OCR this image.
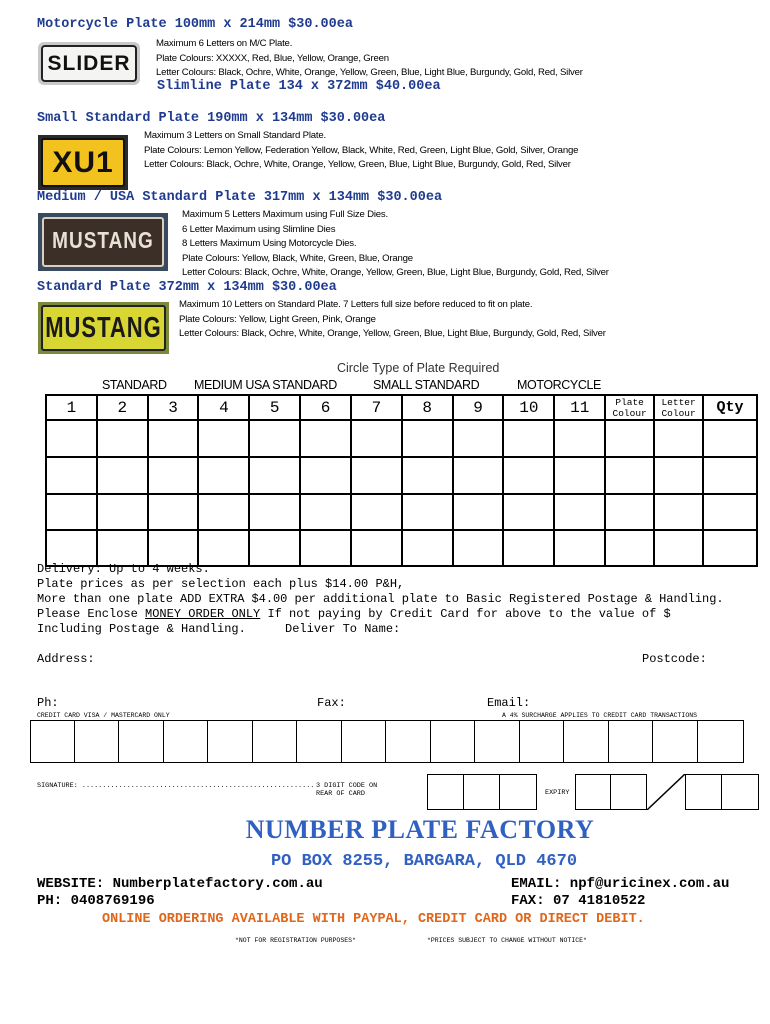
Motorcycle Plate 100mm x 214mm $30.00ea
SLIDER
Maximum 6 Letters on M/C Plate.
Plate Colours: XXXXX, Red, Blue, Yellow, Orange, Green
Letter Colours: Black, Ochre, White, Orange, Yellow, Green, Blue, Light Blue, Burgundy, Gold, Red, Silver
Slimline Plate 134 x 372mm $40.00ea
Small Standard Plate 190mm x 134mm $30.00ea
XU1
Maximum 3 Letters on Small Standard Plate.
Plate Colours: Lemon Yellow, Federation Yellow, Black, White, Red, Green, Light Blue, Gold, Silver, Orange
Letter Colours: Black, Ochre, White, Orange, Yellow, Green, Blue, Light Blue, Burgundy, Gold, Red, Silver
Medium / USA Standard Plate 317mm x 134mm $30.00ea
MUSTANG
Maximum 5 Letters Maximum using Full Size Dies.
6 Letter Maximum using Slimline Dies
8 Letters Maximum Using Motorcycle Dies.
Plate Colours: Yellow, Black, White, Green, Blue, Orange
Letter Colours: Black, Ochre, White, Orange, Yellow, Green, Blue, Light Blue, Burgundy, Gold, Red, Silver
Standard Plate 372mm x 134mm $30.00ea
MUSTANG
Maximum 10 Letters on Standard Plate. 7 Letters full size before reduced to fit on plate.
Plate Colours: Yellow, Light Green, Pink, Orange
Letter Colours: Black, Ochre, White, Orange, Yellow, Green, Blue, Light Blue, Burgundy, Gold, Red, Silver
Circle Type of Plate Required
STANDARD MEDIUM USA STANDARD	SMALL STANDARD	MOTORCYCLE
1	2	3	4	5	6	7	8	9	10	11	Plate Colour	Letter Colour	Qty

Delivery: Up to 4 weeks.
Plate prices as per selection each plus $14.00 P&H,
More than one plate ADD EXTRA $4.00 per additional plate to Basic Registered Postage & Handling.
Please Enclose MONEY ORDER ONLY If not paying by Credit Card for above to the value of $
Including Postage & Handling.	Deliver To Name:
Address:	Postcode:
Ph:	Fax:	Email:
CREDIT CARD VISA / MASTERCARD ONLY	A 4% SURCHARGE APPLIES TO CREDIT CARD TRANSACTIONS
SIGNATURE: ......................................................... 3 DIGIT CODE ON
REAR OF CARD	EXPIRY
NUMBER PLATE FACTORY
PO BOX 8255, BARGARA, QLD 4670
WEBSITE: Numberplatefactory.com.au	EMAIL: npf@uricinex.com.au
PH: 0408769196	FAX: 07 41810522
ONLINE ORDERING AVAILABLE WITH PAYPAL, CREDIT CARD OR DIRECT DEBIT.
*NOT FOR REGISTRATION PURPOSES*	*PRICES SUBJECT TO CHANGE WITHOUT NOTICE*
